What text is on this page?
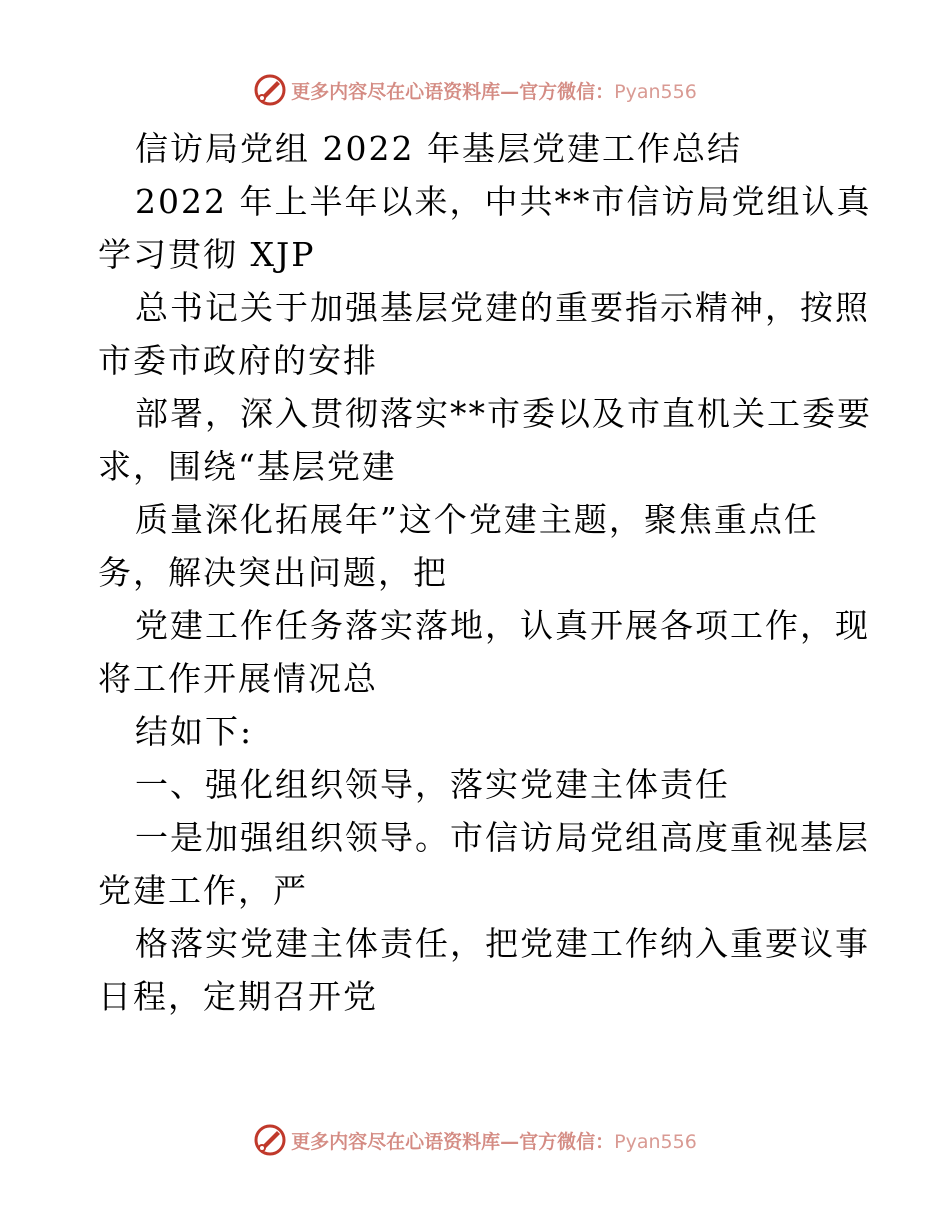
更多内容尽在心语资料库—官方微信：Pyan556
信访局党组 2022 年基层党建工作总结
2022 年上半年以来，中共**市信访局党组认真
学习贯彻 XJP
总书记关于加强基层党建的重要指示精神，按照
市委市政府的安排
部署，深入贯彻落实**市委以及市直机关工委要
求，围绕“基层党建
质量深化拓展年”这个党建主题，聚焦重点任
务，解决突出问题，把
党建工作任务落实落地，认真开展各项工作，现
将工作开展情况总
结如下:
一、强化组织领导，落实党建主体责任
一是加强组织领导。市信访局党组高度重视基层
党建工作，严
格落实党建主体责任，把党建工作纳入重要议事
日程，定期召开党
更多内容尽在心语资料库—官方微信：Pyan556
